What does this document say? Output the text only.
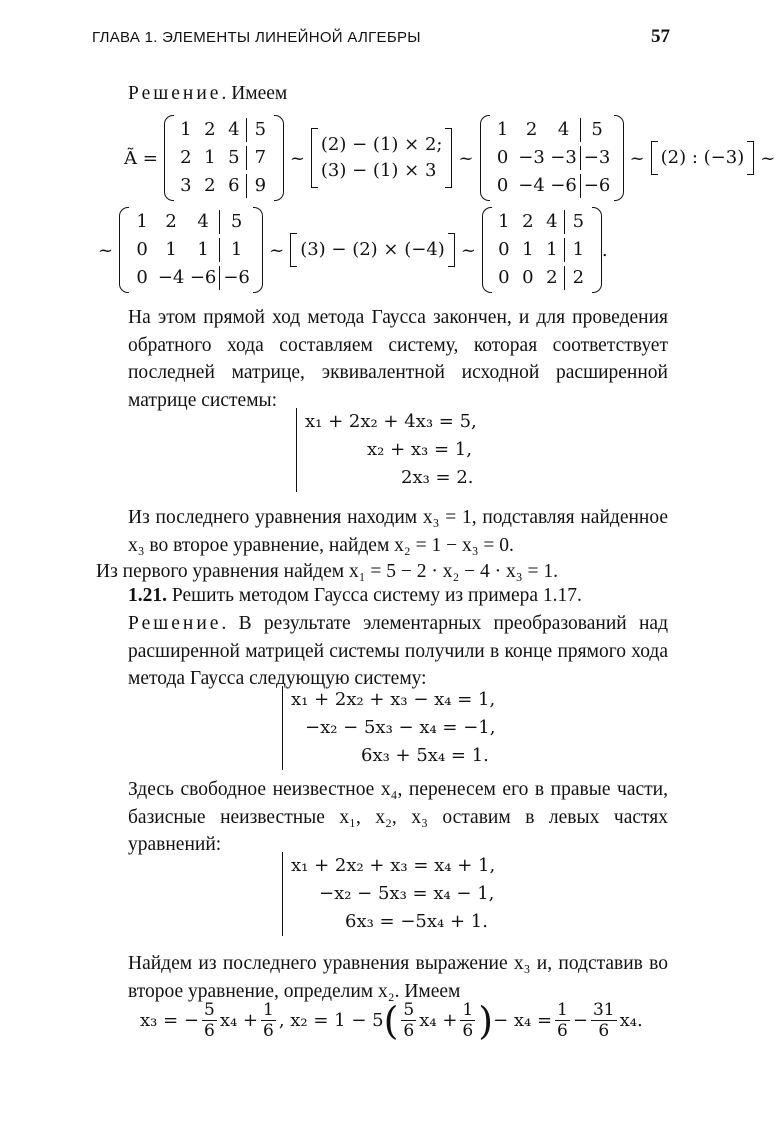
ГЛАВА 1. ЭЛЕМЕНТЫ ЛИНЕЙНОЙ АЛГЕБРЫ	57
Решение. Имеем
Ã =
1 2 4 5
2 1 5 7
3 2 6 9
~
(2) − (1) × 2;
(3) − (1) × 3
~
1 2	4	5
0 −3 −3 −3
0 −4 −6 −6
~ (2) : (−3) ~
~
1 2	4	5
0 1	1	1
0 −4 −6 −6
~ (3) − (2) × (−4) ~
1 2 4 5
0 1 1 1
0 0 2 2
.
На этом прямой ход метода Гаусса закончен, и для проведения обратного хода составляем систему, которая соответствует последней матрице, эквивалентной исходной расширенной матрице системы:
x₁ + 2x₂ + 4x₃ = 5,
x₂ + x₃ = 1,
2x₃ = 2.
Из последнего уравнения находим x₃ = 1, подставляя найденное x₃ во второе уравнение, найдем x₂ = 1 − x₃ = 0.
Из первого уравнения найдем x₁ = 5 − 2 · x₂ − 4 · x₃ = 1.
1.21. Решить методом Гаусса систему из примера 1.17.
Решение. В результате элементарных преобразований над расширенной матрицей системы получили в конце прямого хода метода Гаусса следующую систему:
x₁ + 2x₂ + x₃ − x₄ = 1,
−x₂ − 5x₃ − x₄ = −1,
6x₃ + 5x₄ = 1.
Здесь свободное неизвестное x₄, перенесем его в правые части, базисные неизвестные x₁, x₂, x₃ оставим в левых частях уравнений:
x₁ + 2x₂ + x₃ = x₄ + 1,
−x₂ − 5x₃ = x₄ − 1,
6x₃ = −5x₄ + 1.
Найдем из последнего уравнения выражение x₃ и, подставив во второе уравнение, определим x₂. Имеем
x₃ = − $\frac{5}{6} x_4 + \frac{1}{6}$ , x₂ = 1 − 5 ( $\frac{5}{6} x_4 + \frac{1}{6}$ ) − $x_4 = \frac{1}{6} - \frac{31}{6} x_4$.
